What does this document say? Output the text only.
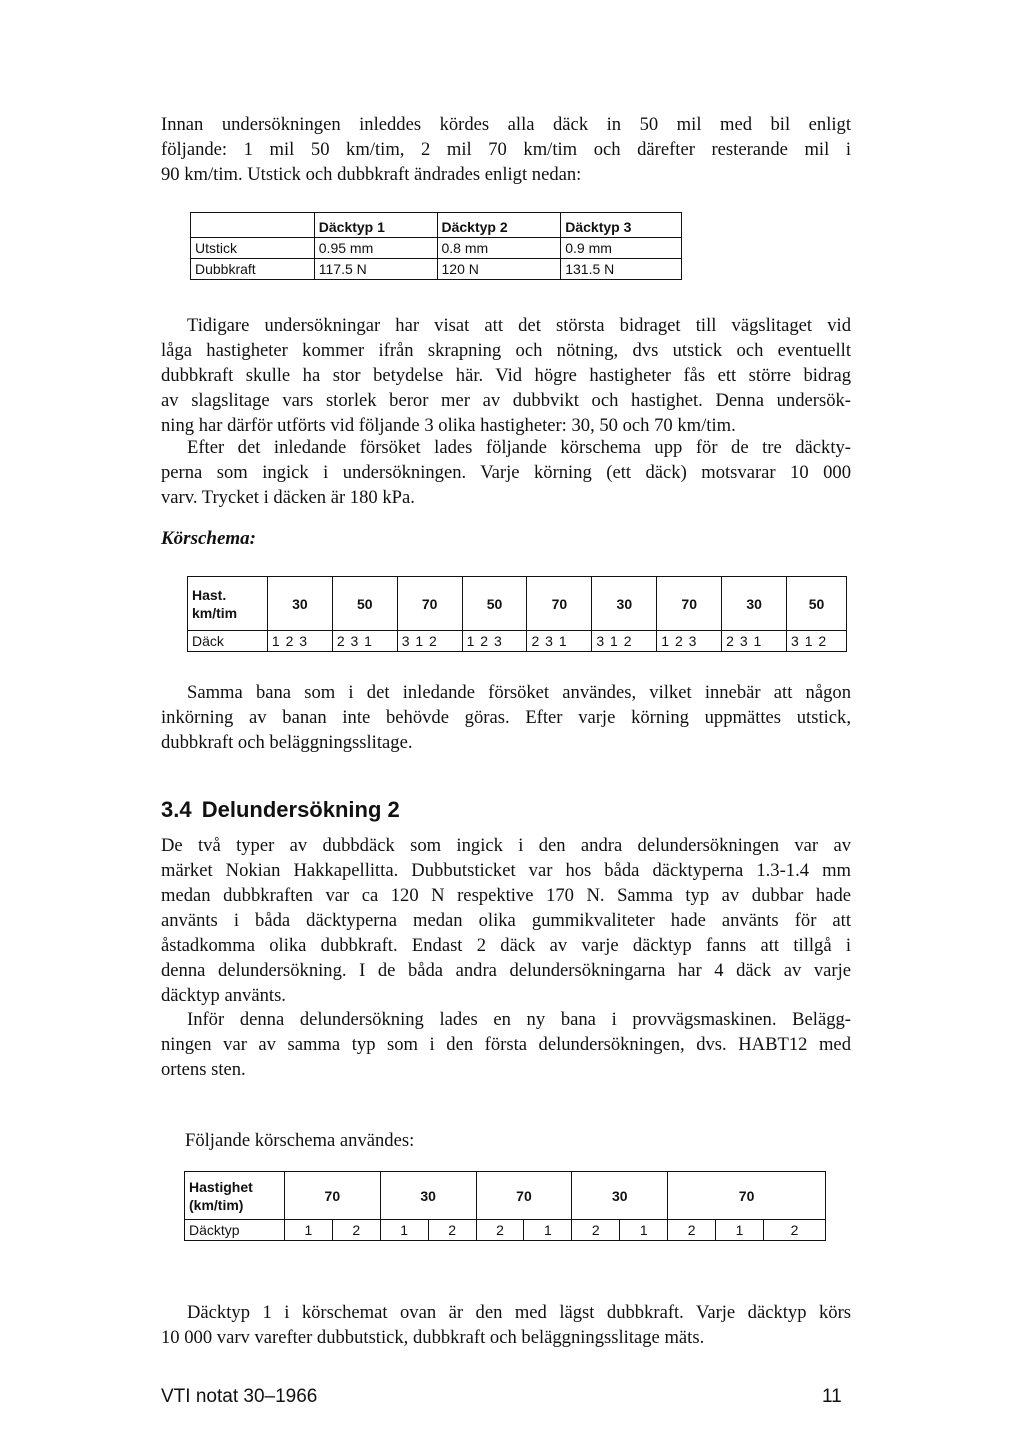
Innan undersökningen inleddes kördes alla däck in 50 mil med bil enligt
följande: 1 mil 50 km/tim, 2 mil 70 km/tim och därefter resterande mil i
90 km/tim. Utstick och dubbkraft ändrades enligt nedan:
	Däcktyp 1	Däcktyp 2	Däcktyp 3
Utstick	0.95 mm	0.8 mm	0.9 mm
Dubbkraft	117.5 N	120 N	131.5 N
Tidigare undersökningar har visat att det största bidraget till vägslitaget vid
låga hastigheter kommer ifrån skrapning och nötning, dvs utstick och eventuellt
dubbkraft skulle ha stor betydelse här. Vid högre hastigheter fås ett större bidrag
av slagslitage vars storlek beror mer av dubbvikt och hastighet. Denna undersök-
ning har därför utförts vid följande 3 olika hastigheter: 30, 50 och 70 km/tim.
Efter det inledande försöket lades följande körschema upp för de tre däckty-
perna som ingick i undersökningen. Varje körning (ett däck) motsvarar 10 000
varv. Trycket i däcken är 180 kPa.
Körschema:
Hast.
km/tim	30	50	70	50	70	30	70	30	50
Däck	1 2 3	2 3 1	3 1 2	1 2 3	2 3 1	3 1 2	1 2 3	2 3 1	3 1 2
Samma bana som i det inledande försöket användes, vilket innebär att någon
inkörning av banan inte behövde göras. Efter varje körning uppmättes utstick,
dubbkraft och beläggningsslitage.
3.4 Delundersökning 2
De två typer av dubbdäck som ingick i den andra delundersökningen var av
märket Nokian Hakkapellitta. Dubbutsticket var hos båda däcktyperna 1.3-1.4 mm
medan dubbkraften var ca 120 N respektive 170 N. Samma typ av dubbar hade
använts i båda däcktyperna medan olika gummikvaliteter hade använts för att
åstadkomma olika dubbkraft. Endast 2 däck av varje däcktyp fanns att tillgå i
denna delundersökning. I de båda andra delundersökningarna har 4 däck av varje
däcktyp använts.
Inför denna delundersökning lades en ny bana i provvägsmaskinen. Belägg-
ningen var av samma typ som i den första delundersökningen, dvs. HABT12 med
ortens sten.
Följande körschema användes:
Hastighet
(km/tim)	70		30		70		30		70		
Däcktyp	1	2	1	2	2	1	2	1	2	1	2
Däcktyp 1 i körschemat ovan är den med lägst dubbkraft. Varje däcktyp körs
10 000 varv varefter dubbutstick, dubbkraft och beläggningsslitage mäts.
VTI notat 30–1966	11
